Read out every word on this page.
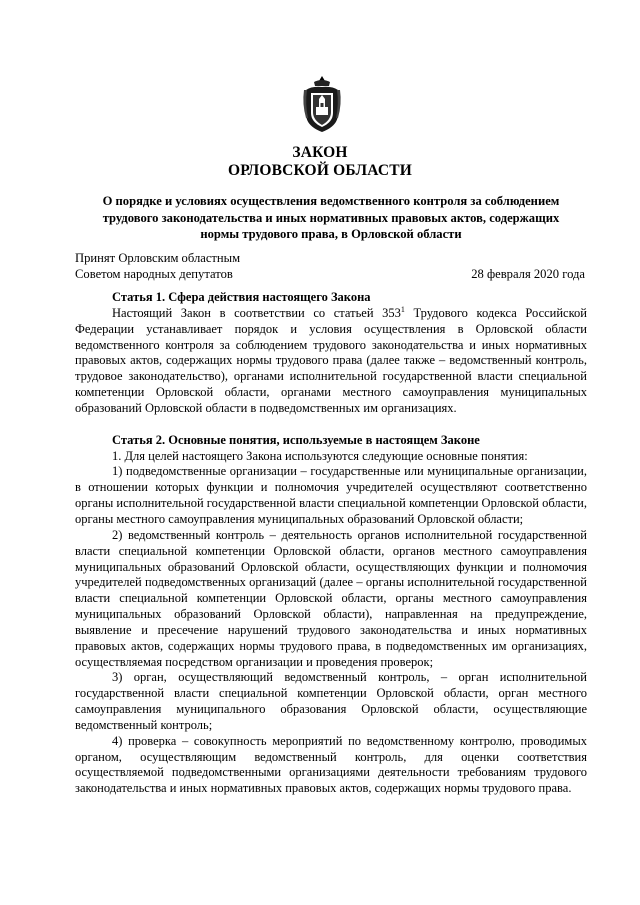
ЗАКОН
ОРЛОВСКОЙ ОБЛАСТИ
О порядке и условиях осуществления ведомственного контроля за соблюдением трудового законодательства и иных нормативных правовых актов, содержащих нормы трудового права, в Орловской области
Принят Орловским областным
Советом народных депутатов	28 февраля 2020 года
Статья 1. Сфера действия настоящего Закона

Настоящий Закон в соответствии со статьей $353^1$ Трудового кодекса Российской Федерации устанавливает порядок и условия осуществления в Орловской области ведомственного контроля за соблюдением трудового законодательства и иных нормативных правовых актов, содержащих нормы трудового права (далее также – ведомственный контроль, трудовое законодательство), органами исполнительной государственной власти специальной компетенции Орловской области, органами местного самоуправления муниципальных образований Орловской области в подведомственных им организациях.

Статья 2. Основные понятия, используемые в настоящем Законе

1. Для целей настоящего Закона используются следующие основные понятия:

1) подведомственные организации – государственные или муниципальные организации, в отношении которых функции и полномочия учредителей осуществляют соответственно органы исполнительной государственной власти специальной компетенции Орловской области, органы местного самоуправления муниципальных образований Орловской области;

2) ведомственный контроль – деятельность органов исполнительной государственной власти специальной компетенции Орловской области, органов местного самоуправления муниципальных образований Орловской области, осуществляющих функции и полномочия учредителей подведомственных организаций (далее – органы исполнительной государственной власти специальной компетенции Орловской области, органы местного самоуправления муниципальных образований Орловской области), направленная на предупреждение, выявление и пресечение нарушений трудового законодательства и иных нормативных правовых актов, содержащих нормы трудового права, в подведомственных им организациях, осуществляемая посредством организации и проведения проверок;

3) орган, осуществляющий ведомственный контроль, – орган исполнительной государственной власти специальной компетенции Орловской области, орган местного самоуправления муниципального образования Орловской области, осуществляющие ведомственный контроль;

4) проверка – совокупность мероприятий по ведомственному контролю, проводимых органом, осуществляющим ведомственный контроль, для оценки соответствия осуществляемой подведомственными организациями деятельности требованиям трудового законодательства и иных нормативных правовых актов, содержащих нормы трудового права.
